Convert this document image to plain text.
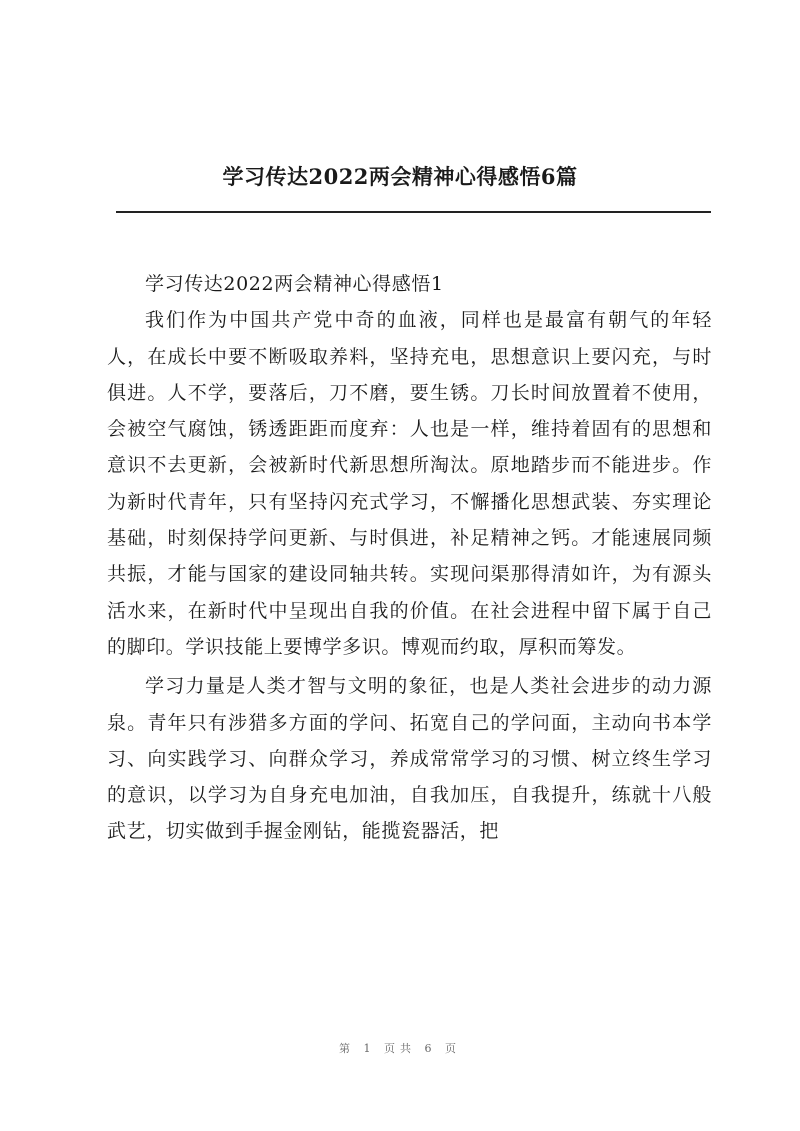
学习传达2022两会精神心得感悟6篇

学习传达2022两会精神心得感悟1

我们作为中国共产党中奇的血液，同样也是最富有朝气的年轻人，在成长中要不断吸取养料，坚持充电，思想意识上要闪充，与时俱进。人不学，要落后，刀不磨，要生锈。刀长时间放置着不使用，会被空气腐蚀，锈透距距而度弃：人也是一样，维持着固有的思想和意识不去更新，会被新时代新思想所淘汰。原地踏步而不能进步。作为新时代青年，只有坚持闪充式学习，不懈播化思想武装、夯实理论基础，时刻保持学问更新、与时俱进，补足精神之钙。才能速展同频共振，才能与国家的建设同轴共转。实现问渠那得清如许，为有源头活水来，在新时代中呈现出自我的价值。在社会进程中留下属于自己的脚印。学识技能上要博学多识。博观而约取，厚积而筹发。

学习力量是人类才智与文明的象征，也是人类社会进步的动力源泉。青年只有涉猎多方面的学问、拓宽自己的学问面，主动向书本学习、向实践学习、向群众学习，养成常常学习的习惯、树立终生学习的意识，以学习为自身充电加油，自我加压，自我提升，练就十八般武艺，切实做到手握金刚钻，能揽瓷器活，把

第 1 页共 6 页
